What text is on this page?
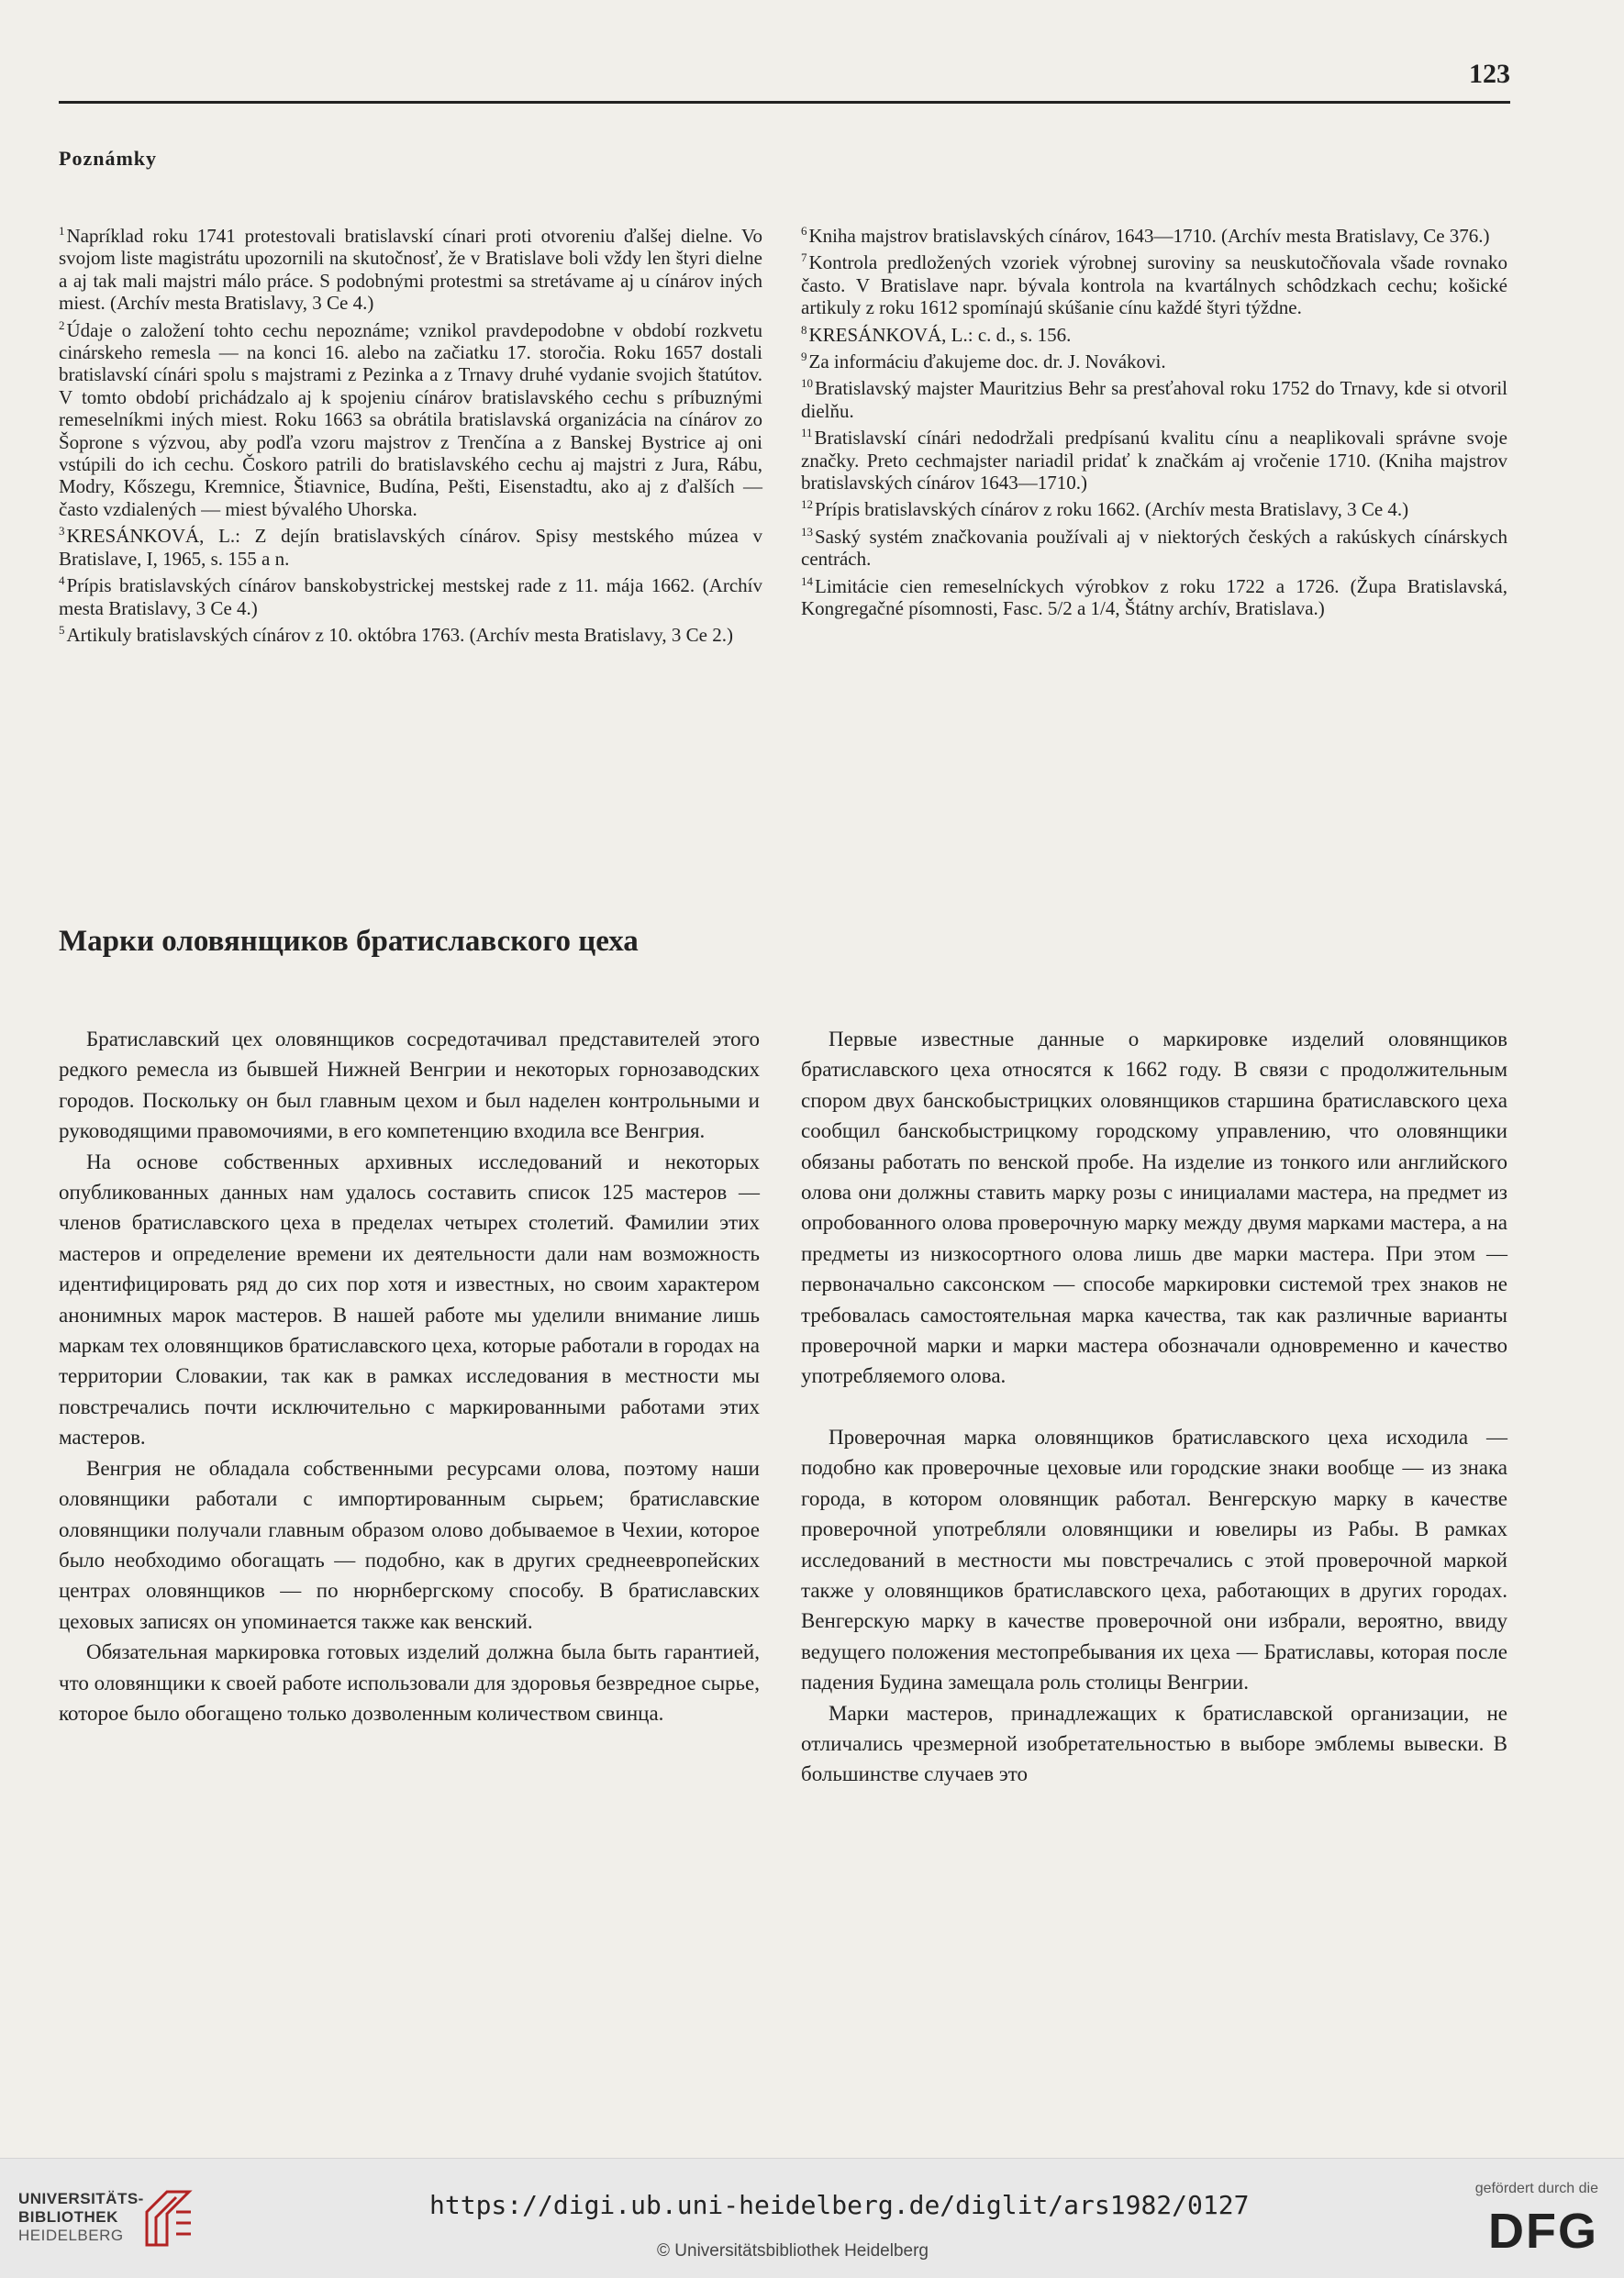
123
Poznámky

$^1$Napríklad roku 1741 protestovali bratislavskí cínari proti otvoreniu ďalšej dielne. Vo svojom liste magistrátu upozornili na skutočnosť, že v Bratislave boli vždy len štyri dielne a aj tak mali majstri málo práce. S podobnými protestmi sa stretávame aj u cínárov iných miest. (Archív mesta Bratislavy, 3 Ce 4.)

$^2$Údaje o založení tohto cechu nepoznáme; vznikol pravdepodobne v období rozkvetu cinárskeho remesla — na konci 16. alebo na začiatku 17. storočia. Roku 1657 dostali bratislavskí cínári spolu s majstrami z Pezinka a z Trnavy druhé vydanie svojich štatútov. V tomto období prichádzalo aj k spojeniu cínárov bratislavského cechu s príbuznými remeselníkmi iných miest. Roku 1663 sa obrátila bratislavská organizácia na cínárov zo Šoprone s výzvou, aby podľa vzoru majstrov z Trenčína a z Banskej Bystrice aj oni vstúpili do ich cechu. Čoskoro patrili do bratislavského cechu aj majstri z Jura, Rábu, Modry, Kőszegu, Kremnice, Štiavnice, Budína, Pešti, Eisenstadtu, ako aj z ďalších — často vzdialených — miest bývalého Uhorska.

$^3$KRESÁNKOVÁ, L.: Z dejín bratislavských cínárov. Spisy mestského múzea v Bratislave, I, 1965, s. 155 a n.

$^4$Prípis bratislavských cínárov banskobystrickej mestskej rade z 11. mája 1662. (Archív mesta Bratislavy, 3 Ce 4.)

$^5$Artikuly bratislavských cínárov z 10. októbra 1763. (Archív mesta Bratislavy, 3 Ce 2.)

$^6$Kniha majstrov bratislavských cínárov, 1643—1710. (Archív mesta Bratislavy, Ce 376.)

$^7$Kontrola predložených vzoriek výrobnej suroviny sa neuskutočňovala všade rovnako často. V Bratislave napr. bývala kontrola na kvartálnych schôdzkach cechu; košické artikuly z roku 1612 spomínajú skúšanie cínu každé štyri týždne.

$^8$KRESÁNKOVÁ, L.: c. d., s. 156.

$^9$Za informáciu ďakujeme doc. dr. J. Novákovi.

$^{10}$Bratislavský majster Mauritzius Behr sa presťahoval roku 1752 do Trnavy, kde si otvoril dielňu.

$^{11}$Bratislavskí cínári nedodržali predpísanú kvalitu cínu a neaplikovali správne svoje značky. Preto cechmajster nariadil pridať k značkám aj vročenie 1710. (Kniha majstrov bratislavských cínárov 1643—1710.)

$^{12}$Prípis bratislavských cínárov z roku 1662. (Archív mesta Bratislavy, 3 Ce 4.)

$^{13}$Saský systém značkovania používali aj v niektorých českých a rakúskych cínárskych centrách.

$^{14}$Limitácie cien remeselníckych výrobkov z roku 1722 a 1726. (Župa Bratislavská, Kongregačné písomnosti, Fasc. 5/2 a 1/4, Štátny archív, Bratislava.)

Марки оловянщиков братиславского цеха

Братиславский цех оловянщиков сосредотачивал представителей этого редкого ремесла из бывшей Нижней Венгрии и некоторых горнозаводских городов. Поскольку он был главным цехом и был наделен контрольными и руководящими правомочиями, в его компетенцию входила все Венгрия.

На основе собственных архивных исследований и некоторых опубликованных данных нам удалось составить список 125 мастеров — членов братиславского цеха в пределах четырех столетий. Фамилии этих мастеров и определение времени их деятельности дали нам возможность идентифицировать ряд до сих пор хотя и известных, но своим характером анонимных марок мастеров. В нашей работе мы уделили внимание лишь маркам тех оловянщиков братиславского цеха, которые работали в городах на территории Словакии, так как в рамках исследования в местности мы повстречались почти исключительно с маркированными работами этих мастеров.

Венгрия не обладала собственными ресурсами олова, поэтому наши оловянщики работали с импортированным сырьем; братиславские оловянщики получали главным образом олово добываемое в Чехии, которое было необходимо обогащать — подобно, как в других среднеевропейских центрах оловянщиков — по нюрнбергскому способу. В братиславских цеховых записях он упоминается также как венский.

Обязательная маркировка готовых изделий должна была быть гарантией, что оловянщики к своей работе использовали для здоровья безвредное сырье, которое было обогащено только дозволенным количеством свинца.

Первые известные данные о маркировке изделий оловянщиков братиславского цеха относятся к 1662 году. В связи с продолжительным спором двух банскобыстрицких оловянщиков старшина братиславского цеха сообщил банскобыстрицкому городскому управлению, что оловянщики обязаны работать по венской пробе. На изделие из тонкого или английского олова они должны ставить марку розы с инициалами мастера, на предмет из опробованного олова проверочную марку между двумя марками мастера, а на предметы из низкосортного олова лишь две марки мастера. При этом — первоначально саксонском — способе маркировки системой трех знаков не требовалась самостоятельная марка качества, так как различные варианты проверочной марки и марки мастера обозначали одновременно и качество употребляемого олова.

Проверочная марка оловянщиков братиславского цеха исходила — подобно как проверочные цеховые или городские знаки вообще — из знака города, в котором оловянщик работал. Венгерскую марку в качестве проверочной употребляли оловянщики и ювелиры из Рабы. В рамках исследований в местности мы повстречались с этой проверочной маркой также у оловянщиков братиславского цеха, работающих в других городах. Венгерскую марку в качестве проверочной они избрали, вероятно, ввиду ведущего положения местопребывания их цеха — Братиславы, которая после падения Будина замещала роль столицы Венгрии.

Марки мастеров, принадлежащих к братиславской организации, не отличались чрезмерной изобретательностью в выборе эмблемы вывески. В большинстве случаев это

UNIVERSITÄTS-
BIBLIOTHEK
HEIDELBERG
https://digi.ub.uni-heidelberg.de/diglit/ars1982/0127
© Universitätsbibliothek Heidelberg
gefördert durch die
DFG
